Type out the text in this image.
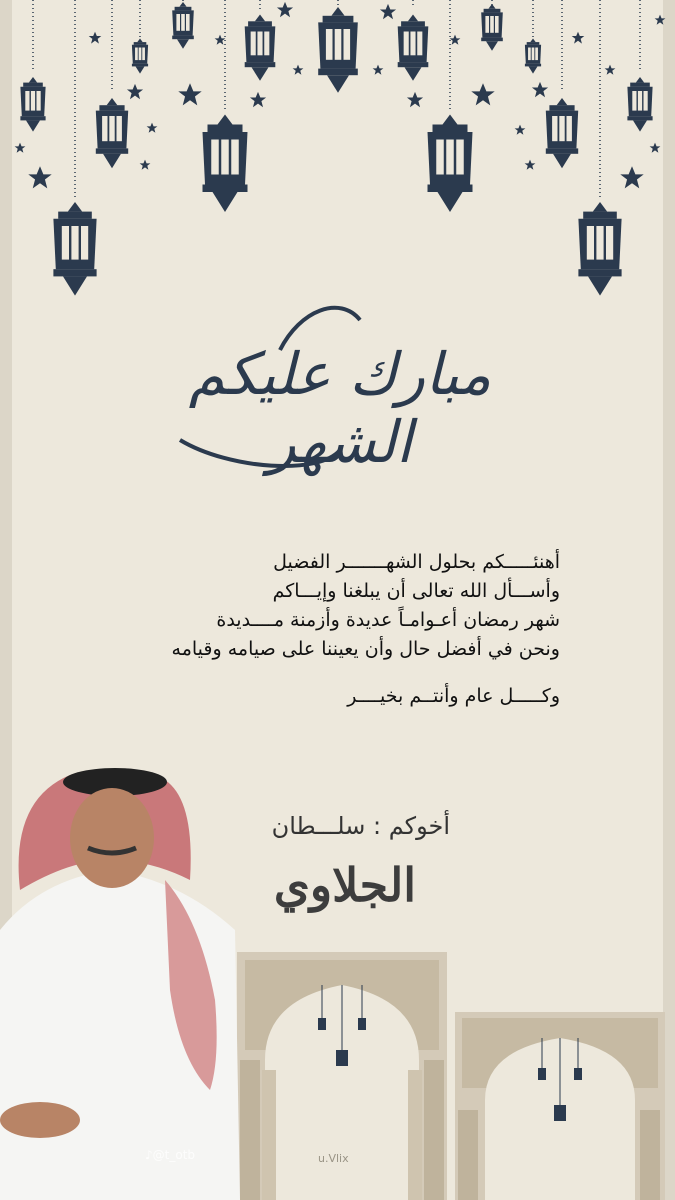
مبارك عليكم الشهر
أهنئـــــكم بحلول الشهـــــــر الفضيل
وأســـأل الله تعالى أن يبلغنا وإيـــاكم
شهر رمضان أعـوامـاً عديدة وأزمنة مــــديدة
ونحن في أفضل حال وأن يعيننا على صيامه وقيامه
وكـــــل عام وأنتــم بخيــــر
أخوكم : سلـــطان
الجلاوي
♪@t_otb	u.Vlix
